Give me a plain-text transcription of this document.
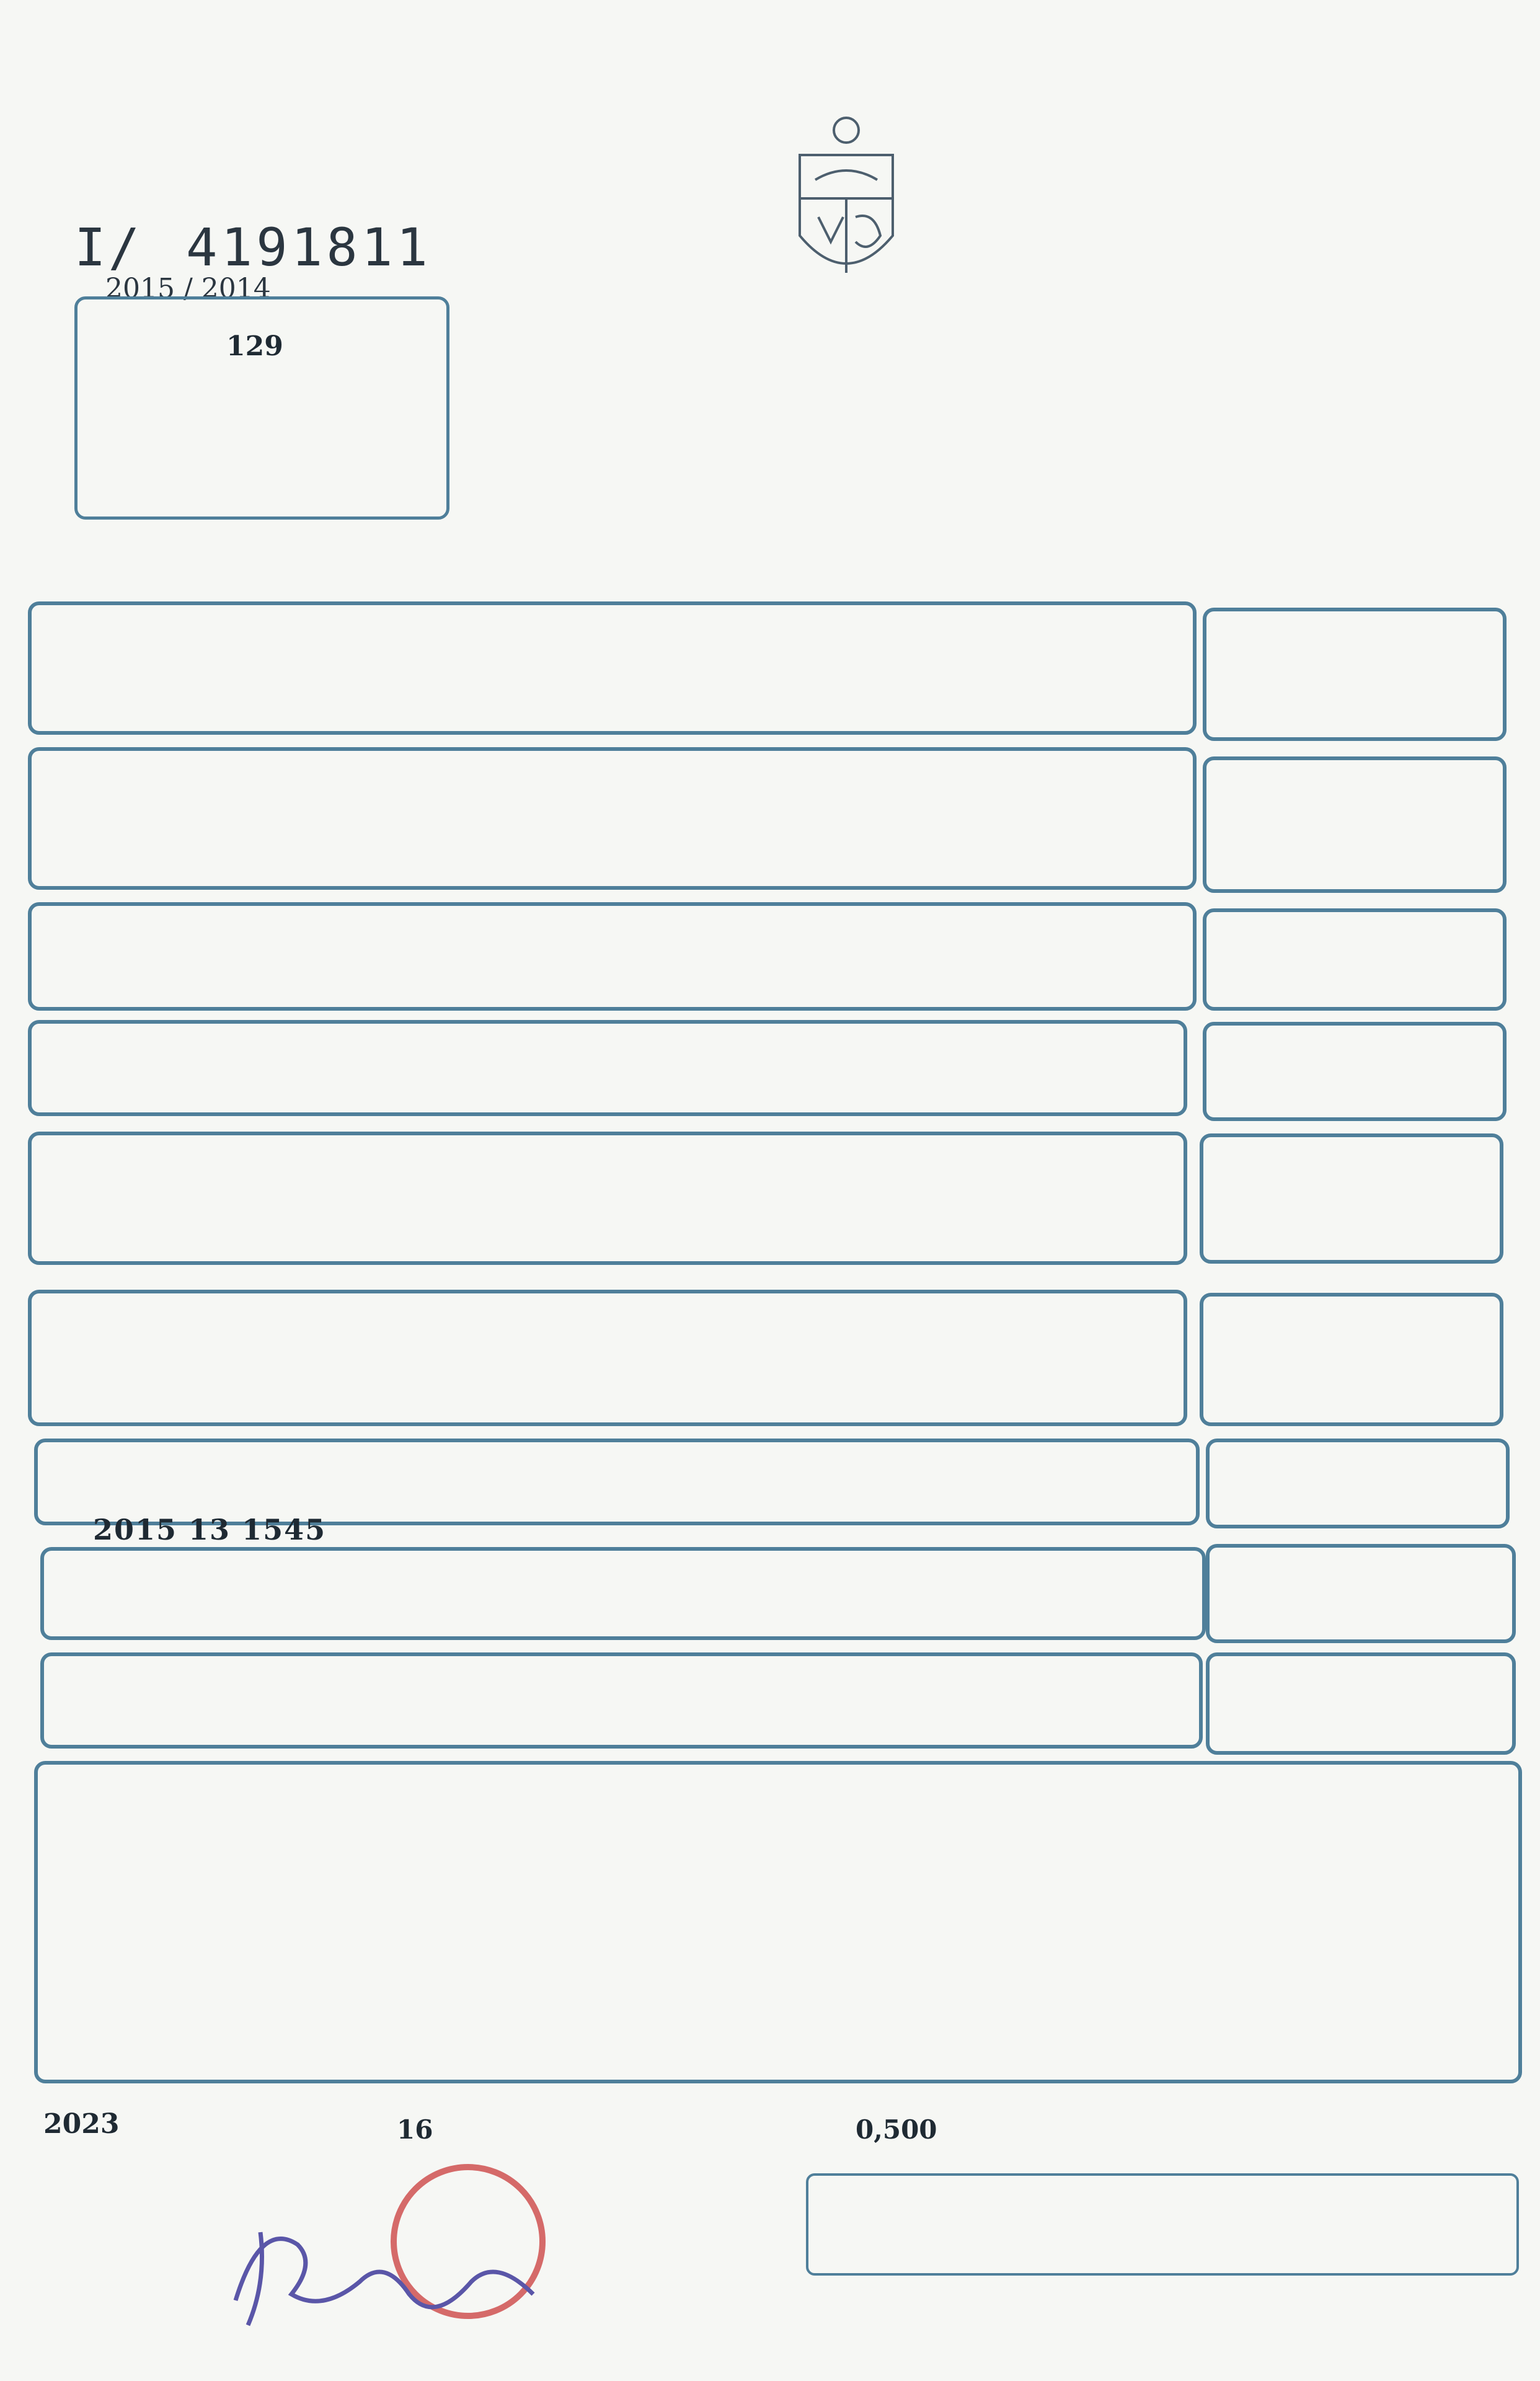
I/ 4191811
2015 / 2014
129
2015 13 1545
0,500
16
2023
